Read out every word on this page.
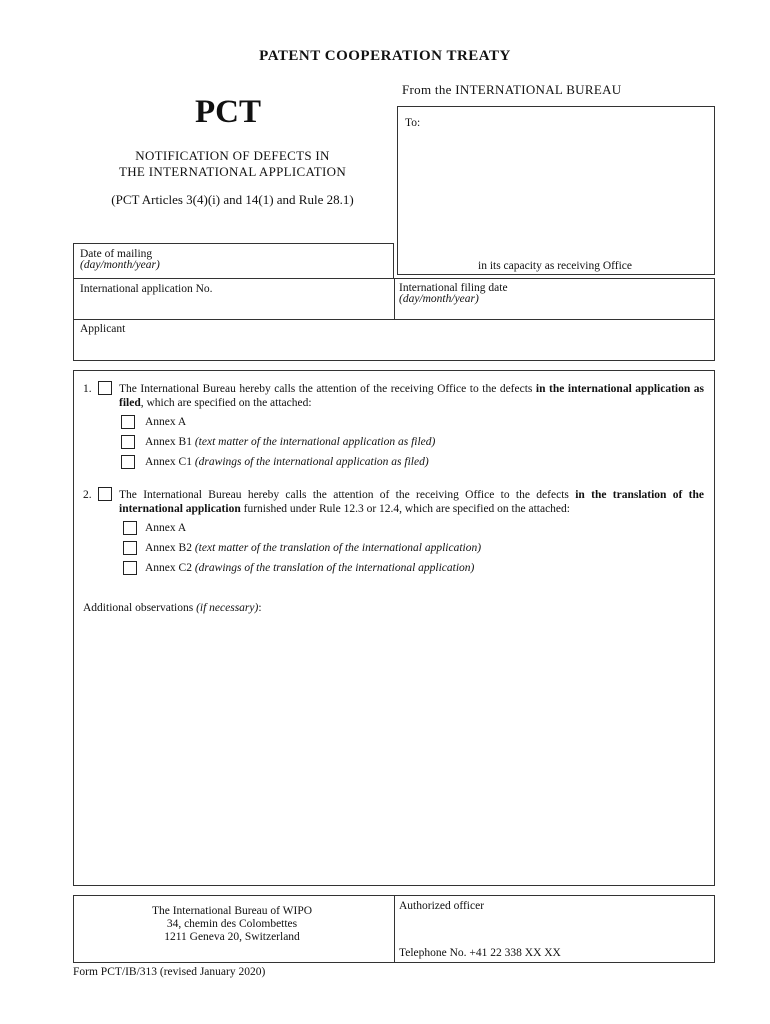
PATENT COOPERATION TREATY
From the INTERNATIONAL BUREAU
PCT
NOTIFICATION OF DEFECTS IN
THE INTERNATIONAL APPLICATION
(PCT Articles 3(4)(i) and 14(1) and Rule 28.1)
To:
in its capacity as receiving Office
Date of mailing
(day/month/year)
International application No.	International filing date
(day/month/year)
Applicant
1. The International Bureau hereby calls the attention of the receiving Office to the defects in the international application as filed, which are specified on the attached:
Annex A
Annex B1 (text matter of the international application as filed)
Annex C1 (drawings of the international application as filed)
2. The International Bureau hereby calls the attention of the receiving Office to the defects in the translation of the international application furnished under Rule 12.3 or 12.4, which are specified on the attached:
Annex A
Annex B2 (text matter of the translation of the international application)
Annex C2 (drawings of the translation of the international application)
Additional observations (if necessary):
The International Bureau of WIPO
34, chemin des Colombettes
1211 Geneva 20, Switzerland
Authorized officer
Telephone No. +41 22 338 XX XX
Form PCT/IB/313 (revised January 2020)
